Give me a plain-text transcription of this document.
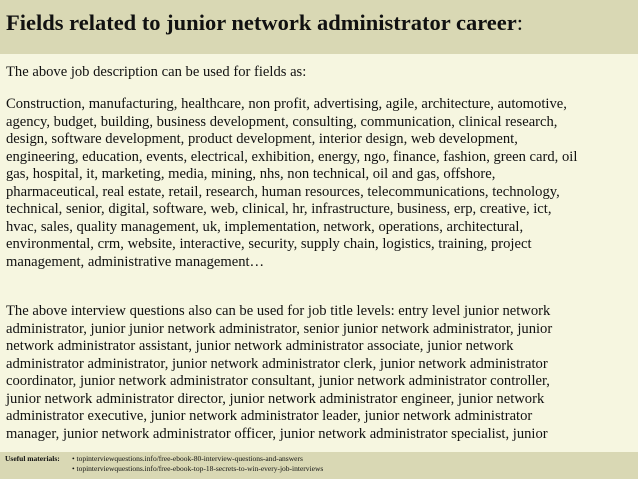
Fields related to junior network administrator career:
The above job description can be used for fields as:
Construction, manufacturing, healthcare, non profit, advertising, agile, architecture, automotive,
agency, budget, building, business development, consulting, communication, clinical research,
design, software development, product development, interior design, web development,
engineering, education, events, electrical, exhibition, energy, ngo, finance, fashion, green card, oil
gas, hospital, it, marketing, media, mining, nhs, non technical, oil and gas, offshore,
pharmaceutical, real estate, retail, research, human resources, telecommunications, technology,
technical, senior, digital, software, web, clinical, hr, infrastructure, business, erp, creative, ict,
hvac, sales, quality management, uk, implementation, network, operations, architectural,
environmental, crm, website, interactive, security, supply chain, logistics, training, project
management, administrative management…
The above interview questions also can be used for job title levels: entry level junior network
administrator, junior junior network administrator, senior junior network administrator, junior
network administrator assistant, junior network administrator associate, junior network
administrator administrator, junior network administrator clerk, junior network administrator
coordinator, junior network administrator consultant, junior network administrator controller,
junior network administrator director, junior network administrator engineer, junior network
administrator executive, junior network administrator leader, junior network administrator
manager, junior network administrator officer, junior network administrator specialist, junior
Useful materials: • topinterviewquestions.info/free-ebook-80-interview-questions-and-answers
• topinterviewquestions.info/free-ebook-top-18-secrets-to-win-every-job-interviews
